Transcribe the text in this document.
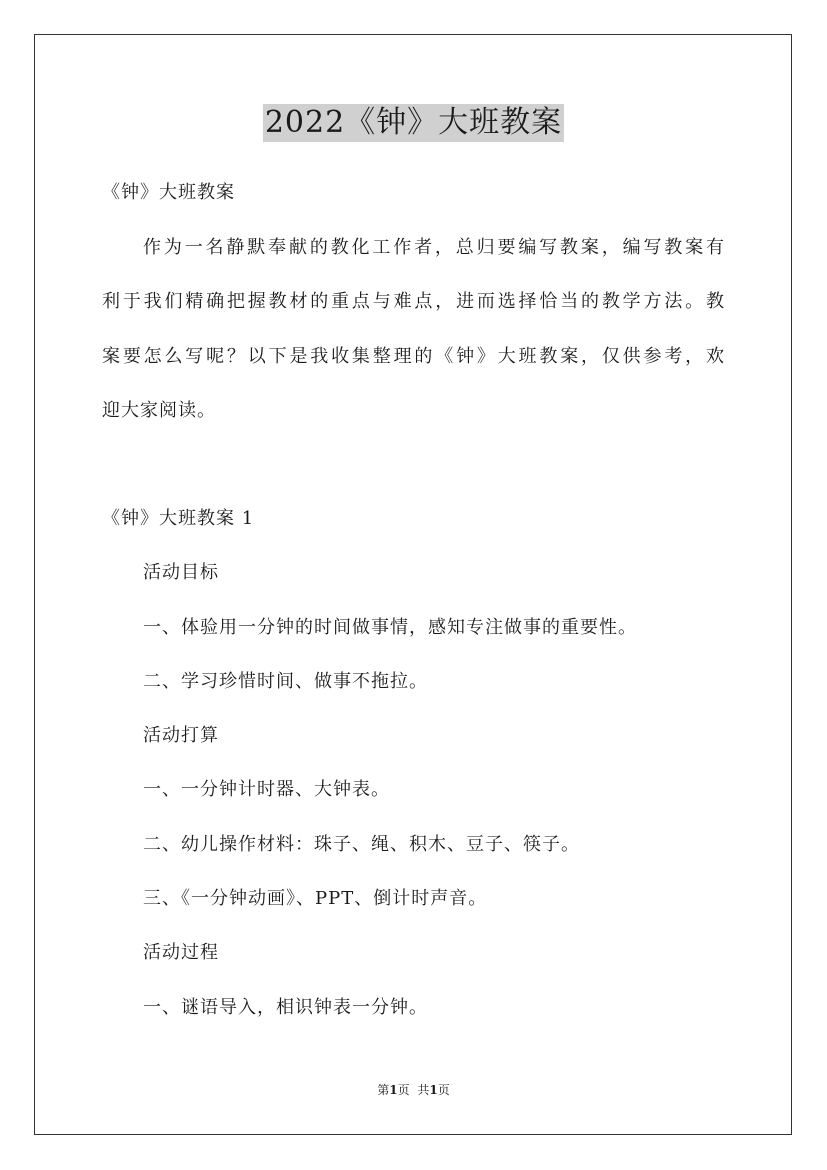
2022《钟》大班教案
《钟》大班教案
作为一名静默奉献的教化工作者，总归要编写教案，编写教案有
利于我们精确把握教材的重点与难点，进而选择恰当的教学方法。教
案要怎么写呢？以下是我收集整理的《钟》大班教案，仅供参考，欢
迎大家阅读。
《钟》大班教案 1
活动目标
一、体验用一分钟的时间做事情，感知专注做事的重要性。
二、学习珍惜时间、做事不拖拉。
活动打算
一、一分钟计时器、大钟表。
二、幼儿操作材料：珠子、绳、积木、豆子、筷子。
三、《一分钟动画》、PPT、倒计时声音。
活动过程
一、谜语导入，相识钟表一分钟。
第1页 共1页
